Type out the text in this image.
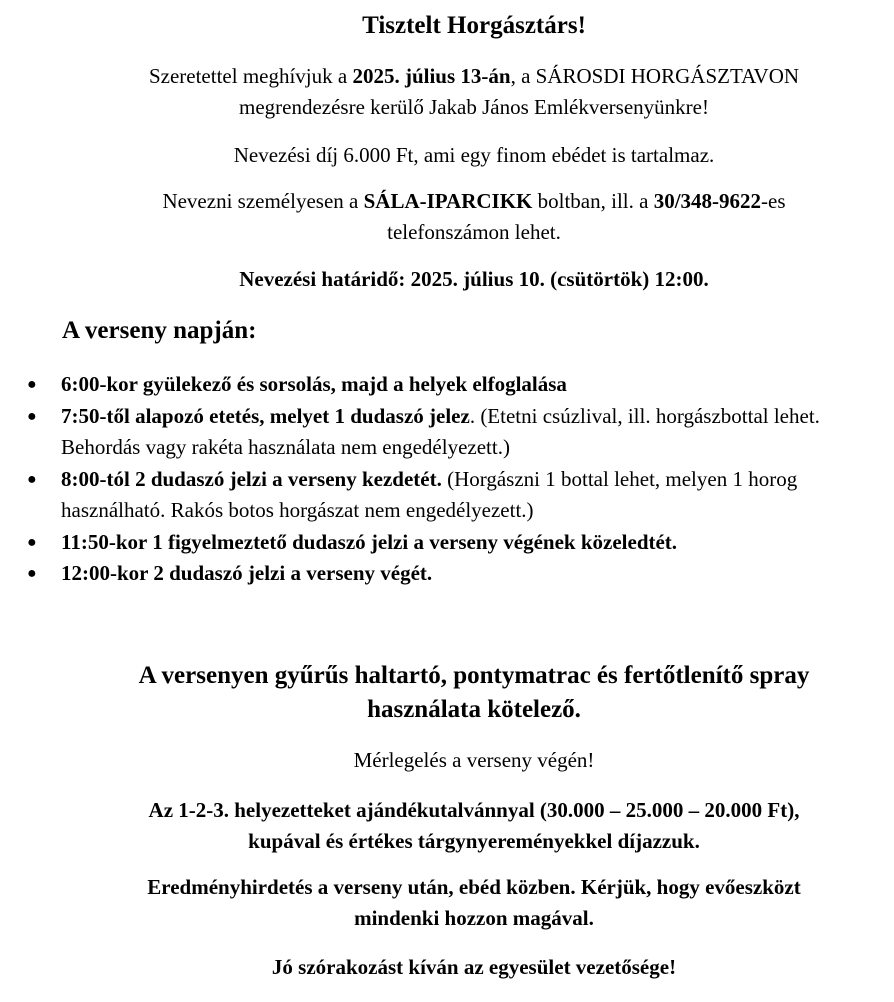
Tisztelt Horgásztárs!
Szeretettel meghívjuk a 2025. július 13-án, a SÁROSDI HORGÁSZTAVON
megrendezésre kerülő Jakab János Emlékversenyünkre!
Nevezési díj 6.000 Ft, ami egy finom ebédet is tartalmaz.
Nevezni személyesen a SÁLA-IPARCIKK boltban, ill. a 30/348-9622-es
telefonszámon lehet.
Nevezési határidő: 2025. július 10. (csütörtök) 12:00.
A verseny napján:
● 6:00-kor gyülekező és sorsolás, majd a helyek elfoglalása
● 7:50-től alapozó etetés, melyet 1 dudaszó jelez. (Etetni csúzlival, ill. horgászbottal lehet. Behordás vagy rakéta használata nem engedélyezett.)
● 8:00-tól 2 dudaszó jelzi a verseny kezdetét. (Horgászni 1 bottal lehet, melyen 1 horog használható. Rakós botos horgászat nem engedélyezett.)
● 11:50-kor 1 figyelmeztető dudaszó jelzi a verseny végének közeledtét.
● 12:00-kor 2 dudaszó jelzi a verseny végét.
A versenyen gyűrűs haltartó, pontymatrac és fertőtlenítő spray
használata kötelező.
Mérlegelés a verseny végén!
Az 1-2-3. helyezetteket ajándékutalvánnyal (30.000 – 25.000 – 20.000 Ft),
kupával és értékes tárgynyereményekkel díjazzuk.
Eredményhirdetés a verseny után, ebéd közben. Kérjük, hogy evőeszközt
mindenki hozzon magával.
Jó szórakozást kíván az egyesület vezetősége!
